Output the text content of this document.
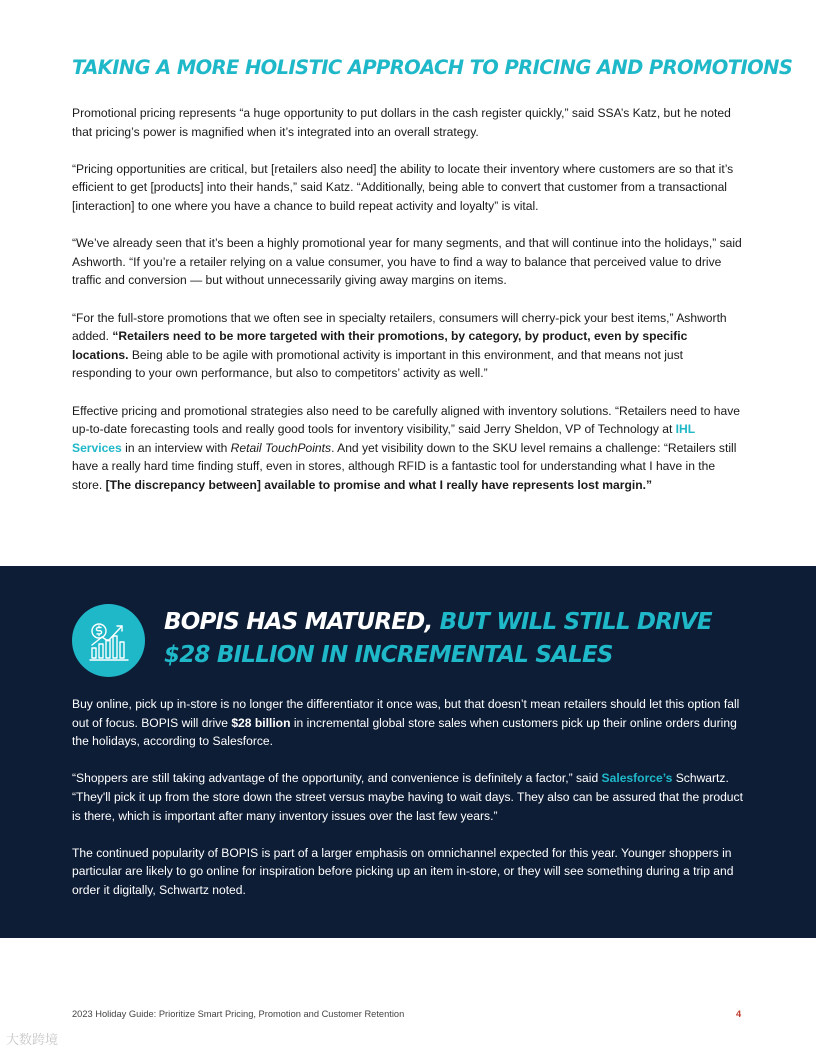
TAKING A MORE HOLISTIC APPROACH TO PRICING AND PROMOTIONS

Promotional pricing represents “a huge opportunity to put dollars in the cash register quickly,” said SSA’s Katz, but he noted that pricing’s power is magnified when it’s integrated into an overall strategy.

“Pricing opportunities are critical, but [retailers also need] the ability to locate their inventory where customers are so that it’s efficient to get [products] into their hands,” said Katz. “Additionally, being able to convert that customer from a transactional [interaction] to one where you have a chance to build repeat activity and loyalty” is vital.

“We’ve already seen that it’s been a highly promotional year for many segments, and that will continue into the holidays,” said Ashworth. “If you’re a retailer relying on a value consumer, you have to find a way to balance that perceived value to drive traffic and conversion — but without unnecessarily giving away margins on items.

“For the full-store promotions that we often see in specialty retailers, consumers will cherry-pick your best items,” Ashworth added. “Retailers need to be more targeted with their promotions, by category, by product, even by specific locations. Being able to be agile with promotional activity is important in this environment, and that means not just responding to your own performance, but also to competitors’ activity as well.”

Effective pricing and promotional strategies also need to be carefully aligned with inventory solutions. “Retailers need to have up-to-date forecasting tools and really good tools for inventory visibility,” said Jerry Sheldon, VP of Technology at IHL Services in an interview with Retail TouchPoints. And yet visibility down to the SKU level remains a challenge: “Retailers still have a really hard time finding stuff, even in stores, although RFID is a fantastic tool for understanding what I have in the store. [The discrepancy between] available to promise and what I really have represents lost margin.”

BOPIS HAS MATURED, BUT WILL STILL DRIVE
$28 BILLION IN INCREMENTAL SALES

Buy online, pick up in-store is no longer the differentiator it once was, but that doesn’t mean retailers should let this option fall out of focus. BOPIS will drive $28 billion in incremental global store sales when customers pick up their online orders during the holidays, according to Salesforce.

“Shoppers are still taking advantage of the opportunity, and convenience is definitely a factor,” said Salesforce’s Schwartz. “They'll pick it up from the store down the street versus maybe having to wait days. They also can be assured that the product is there, which is important after many inventory issues over the last few years.”

The continued popularity of BOPIS is part of a larger emphasis on omnichannel expected for this year. Younger shoppers in particular are likely to go online for inspiration before picking up an item in-store, or they will see something during a trip and order it digitally, Schwartz noted.

2023 Holiday Guide: Prioritize Smart Pricing, Promotion and Customer Retention	4

大数跨境
